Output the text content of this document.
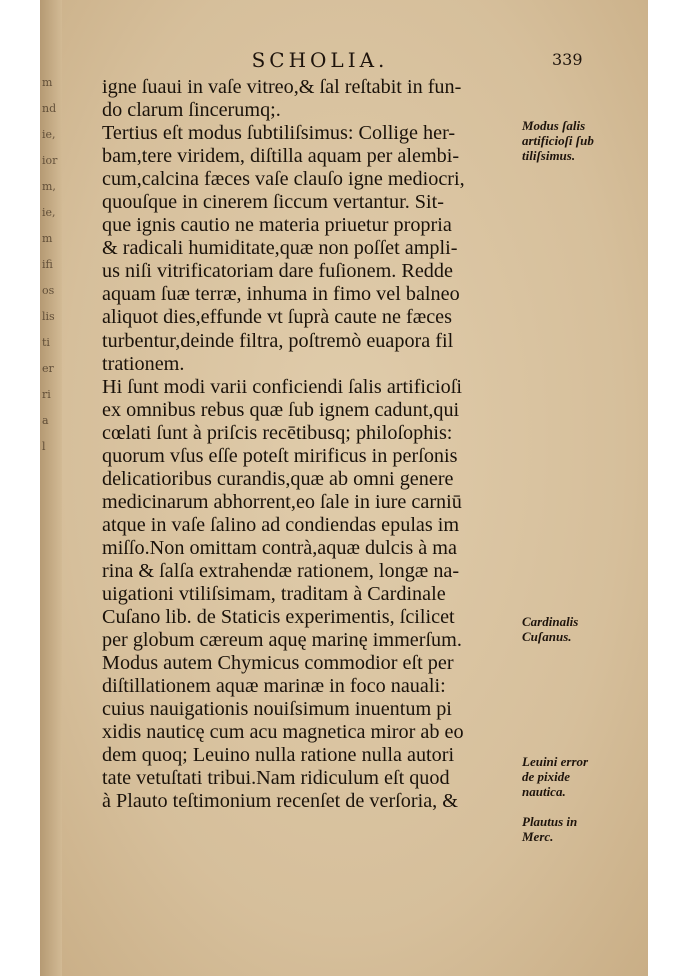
m
nd
ie,
ior
m,
ie,
m
ifi
os
lis
ti
er
ri
a
l
SCHOLIA.	339
igne ſuaui in vaſe vitreo,& ſal reſtabit in fun-
do clarum ſincerumq;.
Tertius eſt modus ſubtiliſsimus: Collige her-
bam,tere viridem, diſtilla aquam per alembi-
cum,calcina fæces vaſe clauſo igne mediocri,
quouſque in cinerem ſiccum vertantur. Sit-
que ignis cautio ne materia priuetur propria
& radicali humiditate,quæ non poſſet ampli-
us niſi vitrificatoriam dare fuſionem. Redde
aquam ſuæ terræ, inhuma in fimo vel balneo
aliquot dies,effunde vt ſuprà caute ne fæces
turbentur,deinde filtra, poſtremò euapora fil
trationem.
Hi ſunt modi varii conficiendi ſalis artificioſi
ex omnibus rebus quæ ſub ignem cadunt,qui
cœlati ſunt à priſcis recētibusq; philoſophis:
quorum vſus eſſe poteſt mirificus in perſonis
delicatioribus curandis,quæ ab omni genere
medicinarum abhorrent,eo ſale in iure carniū
atque in vaſe ſalino ad condiendas epulas im
miſſo.Non omittam contrà,aquæ dulcis à ma
rina & ſalſa extrahendæ rationem, longæ na-
uigationi vtiliſsimam, traditam à Cardinale
Cuſano lib. de Staticis experimentis, ſcilicet
per globum cæreum aquę marinę immerſum.
Modus autem Chymicus commodior eſt per
diſtillationem aquæ marinæ in foco nauali:
cuius nauigationis nouiſsimum inuentum pi
xidis nauticę cum acu magnetica miror ab eo
dem quoq; Leuino nulla ratione nulla autori
tate vetuſtati tribui.Nam ridiculum eſt quod
à Plauto teſtimonium recenſet de verſoria, &
Modus ſalis
artificioſi ſub
tiliſsimus.
Cardinalis
Cuſanus.
Leuini error
de pixide
nautica.
Plautus in
Merc.
